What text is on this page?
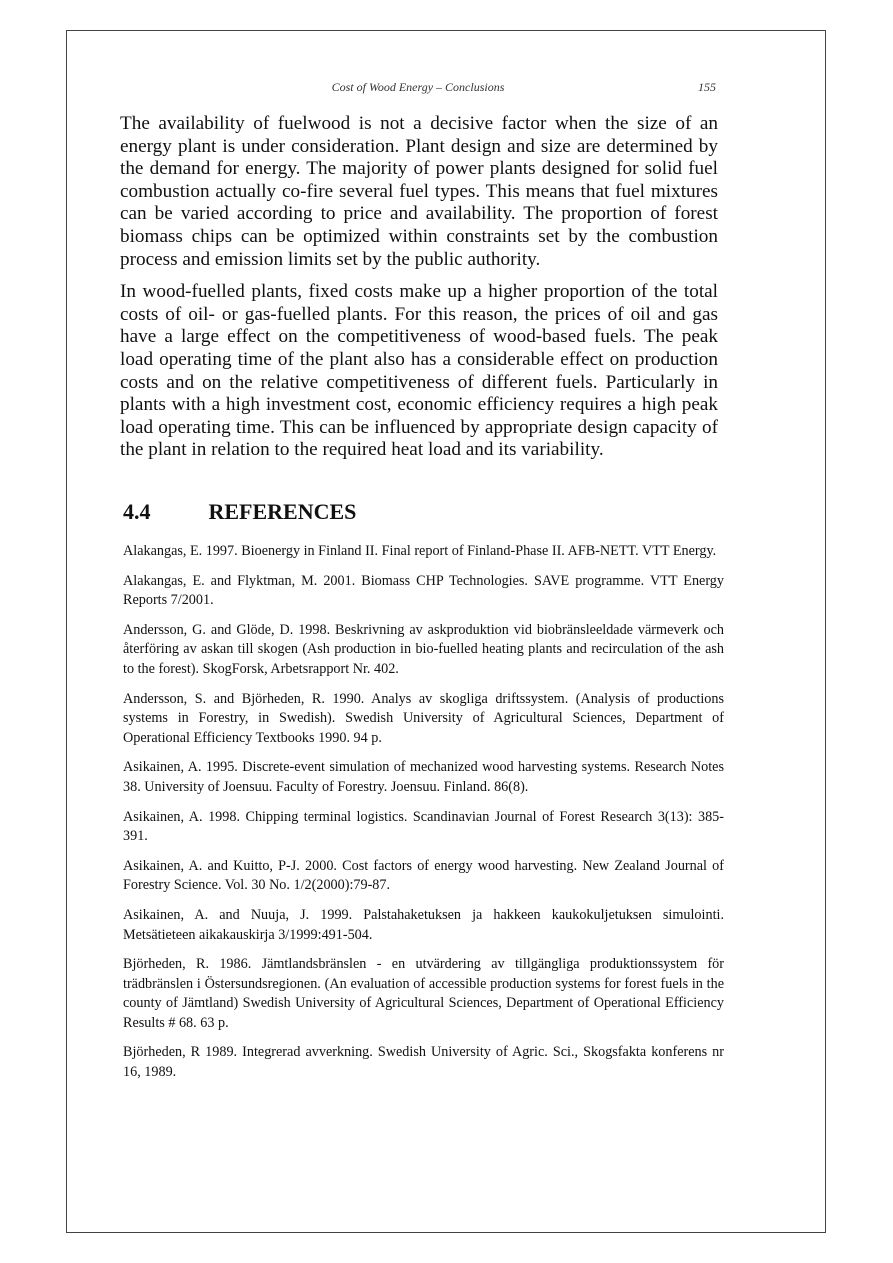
Cost of Wood Energy – Conclusions	155

The availability of fuelwood is not a decisive factor when the size of an energy plant is under consideration. Plant design and size are determined by the demand for energy. The majority of power plants designed for solid fuel combustion actually co-fire several fuel types. This means that fuel mixtures can be varied according to price and availability. The proportion of forest biomass chips can be optimized within constraints set by the combustion process and emission limits set by the public authority.

In wood-fuelled plants, fixed costs make up a higher proportion of the total costs of oil- or gas-fuelled plants. For this reason, the prices of oil and gas have a large effect on the competitiveness of wood-based fuels. The peak load operating time of the plant also has a considerable effect on production costs and on the relative competitiveness of different fuels. Particularly in plants with a high investment cost, economic efficiency requires a high peak load operating time. This can be influenced by appropriate design capacity of the plant in relation to the required heat load and its variability.

4.4	REFERENCES

Alakangas, E. 1997. Bioenergy in Finland II. Final report of Finland-Phase II. AFB-NETT. VTT Energy.

Alakangas, E. and Flyktman, M. 2001. Biomass CHP Technologies. SAVE programme. VTT Energy Reports 7/2001.

Andersson, G. and Glöde, D. 1998. Beskrivning av askproduktion vid biobränsleeldade värmeverk och återföring av askan till skogen (Ash production in bio-fuelled heating plants and recirculation of the ash to the forest). SkogForsk, Arbetsrapport Nr. 402.

Andersson, S. and Björheden, R. 1990. Analys av skogliga driftssystem. (Analysis of productions systems in Forestry, in Swedish). Swedish University of Agricultural Sciences, Department of Operational Efficiency Textbooks 1990. 94 p.

Asikainen, A. 1995. Discrete-event simulation of mechanized wood harvesting systems. Research Notes 38. University of Joensuu. Faculty of Forestry. Joensuu. Finland. 86(8).

Asikainen, A. 1998. Chipping terminal logistics. Scandinavian Journal of Forest Research 3(13): 385-391.

Asikainen, A. and Kuitto, P-J. 2000. Cost factors of energy wood harvesting. New Zealand Journal of Forestry Science. Vol. 30 No. 1/2(2000):79-87.

Asikainen, A. and Nuuja, J. 1999. Palstahaketuksen ja hakkeen kaukokuljetuksen simulointi. Metsätieteen aikakauskirja 3/1999:491-504.

Björheden, R. 1986. Jämtlandsbränslen - en utvärdering av tillgängliga produktionssystem för trädbränslen i Östersundsregionen. (An evaluation of accessible production systems for forest fuels in the county of Jämtland) Swedish University of Agricultural Sciences, Department of Operational Efficiency Results # 68. 63 p.

Björheden, R 1989. Integrerad avverkning. Swedish University of Agric. Sci., Skogsfakta konferens nr 16, 1989.
